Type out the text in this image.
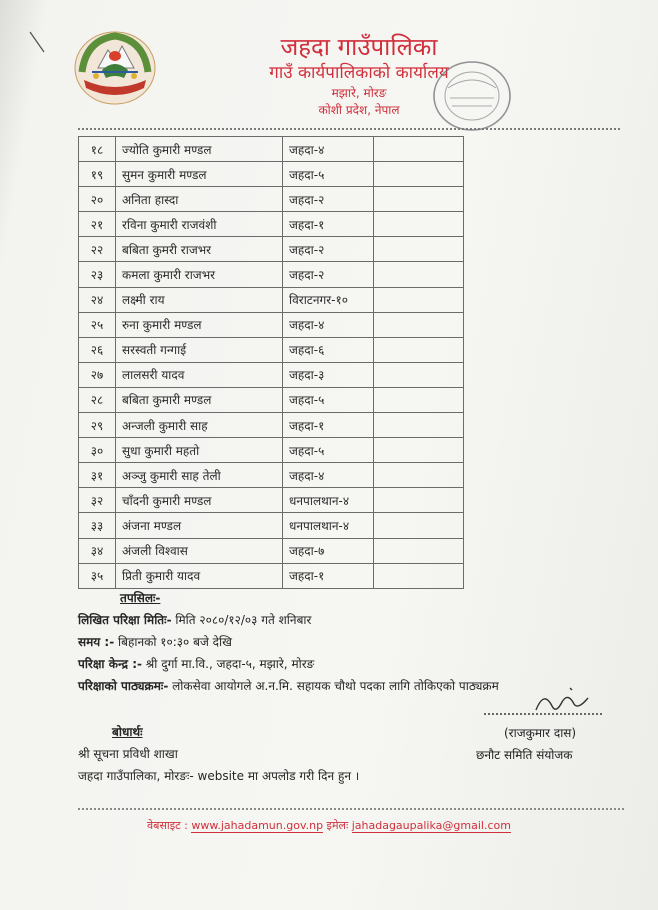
जहदा गाउँपालिका
गाउँ कार्यपालिकाको कार्यालय
मझारे, मोरङ
कोशी प्रदेश, नेपाल
१८	ज्योति कुमारी मण्डल	जहदा-४	
१९	सुमन कुमारी मण्डल	जहदा-५	
२०	अनिता हास्दा	जहदा-२	
२१	रविना कुमारी राजवंशी	जहदा-१	
२२	बबिता कुमरी राजभर	जहदा-२	
२३	कमला कुमारी राजभर	जहदा-२	
२४	लक्ष्मी राय	विराटनगर-१०	
२५	रुना कुमारी मण्डल	जहदा-४	
२६	सरस्वती गन्गाई	जहदा-६	
२७	लालसरी यादव	जहदा-३	
२८	बबिता कुमारी मण्डल	जहदा-५	
२९	अन्जली कुमारी साह	जहदा-१	
३०	सुधा कुमारी महतो	जहदा-५	
३१	अञ्जु कुमारी साह तेली	जहदा-४	
३२	चाँदनी कुमारी मण्डल	धनपालथान-४	
३३	अंजना मण्डल	धनपालथान-४	
३४	अंजली विश्वास	जहदा-७	
३५	प्रिती कुमारी यादव	जहदा-१	
तपसिलः-
लिखित परिक्षा मितिः- मिति २०८०/१२/०३ गते शनिबार
समय :- बिहानको १०:३० बजे देखि
परिक्षा केन्द्र :- श्री दुर्गा मा.वि., जहदा-५, मझारे, मोरङ
परिक्षाको पाठ्यक्रमः- लोकसेवा आयोगले अ.न.मि. सहायक चौथो पदका लागि तोकिएको पाठ्यक्रम
बोधार्थः
श्री सूचना प्रविधी शाखा
जहदा गाउँपालिका, मोरङः- website मा अपलोड गरी दिन हुन ।
(राजकुमार दास)
छनौट समिति संयोजक
वेबसाइट : www.jahadamun.gov.np इमेलः jahadagaupalika@gmail.com
